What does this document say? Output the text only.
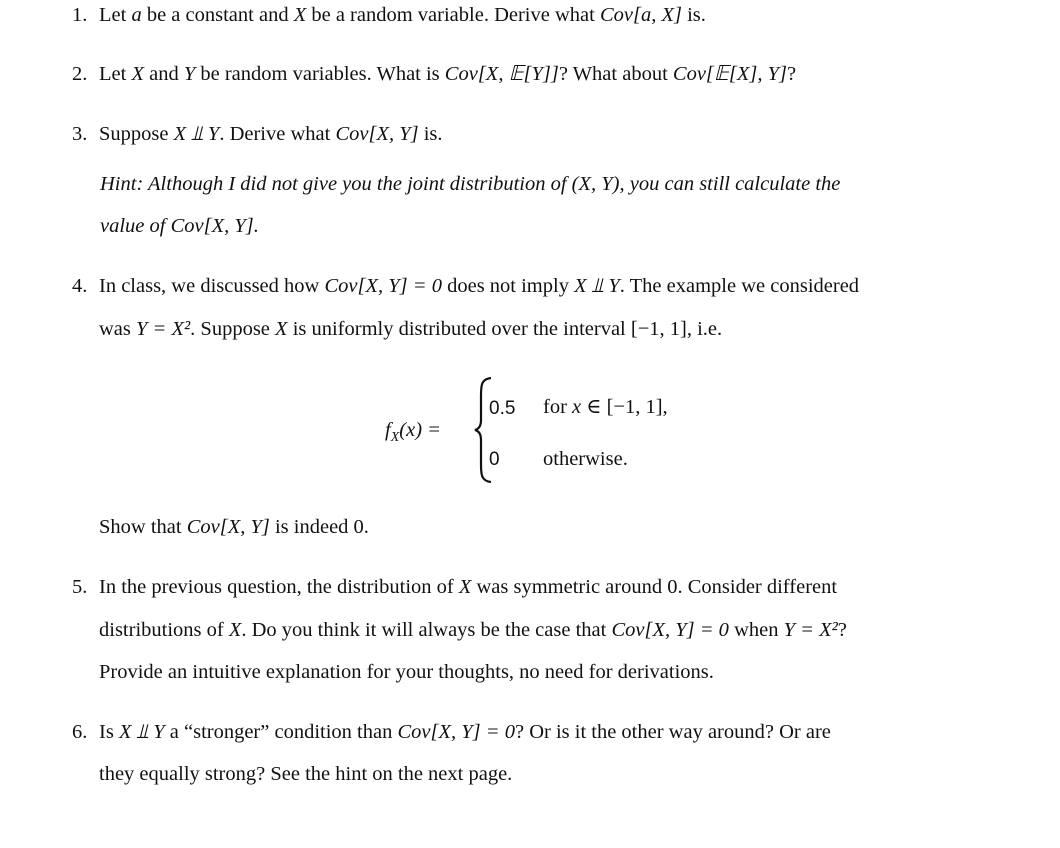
1. Let a be a constant and X be a random variable. Derive what Cov[a, X] is.
2. Let X and Y be random variables. What is Cov[X, 𝔼[Y]]? What about Cov[𝔼[X], Y]?
3. Suppose X ⫫ Y. Derive what Cov[X, Y] is.
Hint: Although I did not give you the joint distribution of (X, Y), you can still calculate the
value of Cov[X, Y].
4. In class, we discussed how Cov[X, Y] = 0 does not imply X ⫫ Y. The example we considered
was Y = X². Suppose X is uniformly distributed over the interval [−1, 1], i.e.
$f_X(x)$ =
0.5 for x ∈ [−1, 1],
0 otherwise.
Show that Cov[X, Y] is indeed 0.
5. In the previous question, the distribution of X was symmetric around 0. Consider different
distributions of X. Do you think it will always be the case that Cov[X, Y] = 0 when Y = X²?
Provide an intuitive explanation for your thoughts, no need for derivations.
6. Is X ⫫ Y a “stronger” condition than Cov[X, Y] = 0? Or is it the other way around? Or are
they equally strong? See the hint on the next page.
